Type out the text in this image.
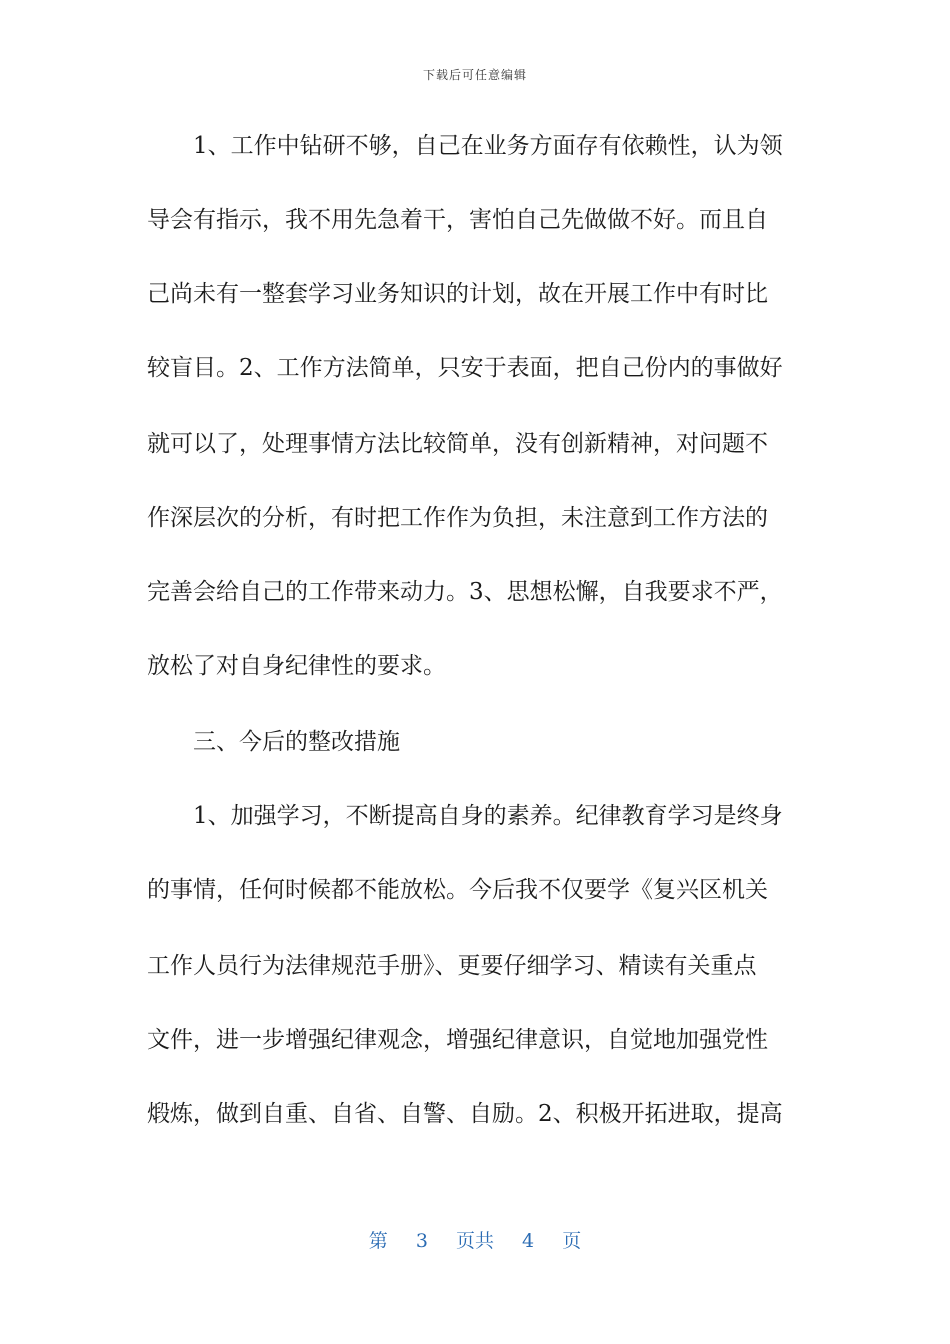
下载后可任意编辑
1、工作中钻研不够，自己在业务方面存有依赖性，认为领
导会有指示，我不用先急着干，害怕自己先做做不好。而且自
己尚未有一整套学习业务知识的计划，故在开展工作中有时比
较盲目。2、工作方法简单，只安于表面，把自己份内的事做好
就可以了，处理事情方法比较简单，没有创新精神，对问题不
作深层次的分析，有时把工作作为负担，未注意到工作方法的
完善会给自己的工作带来动力。3、思想松懈，自我要求不严，
放松了对自身纪律性的要求。
三、今后的整改措施
1、加强学习，不断提高自身的素养。纪律教育学习是终身
的事情，任何时候都不能放松。今后我不仅要学《复兴区机关
工作人员行为法律规范手册》、更要仔细学习、精读有关重点
文件，进一步增强纪律观念，增强纪律意识，自觉地加强党性
煅炼，做到自重、自省、自警、自励。2、积极开拓进取，提高
第 3 页共 4 页
